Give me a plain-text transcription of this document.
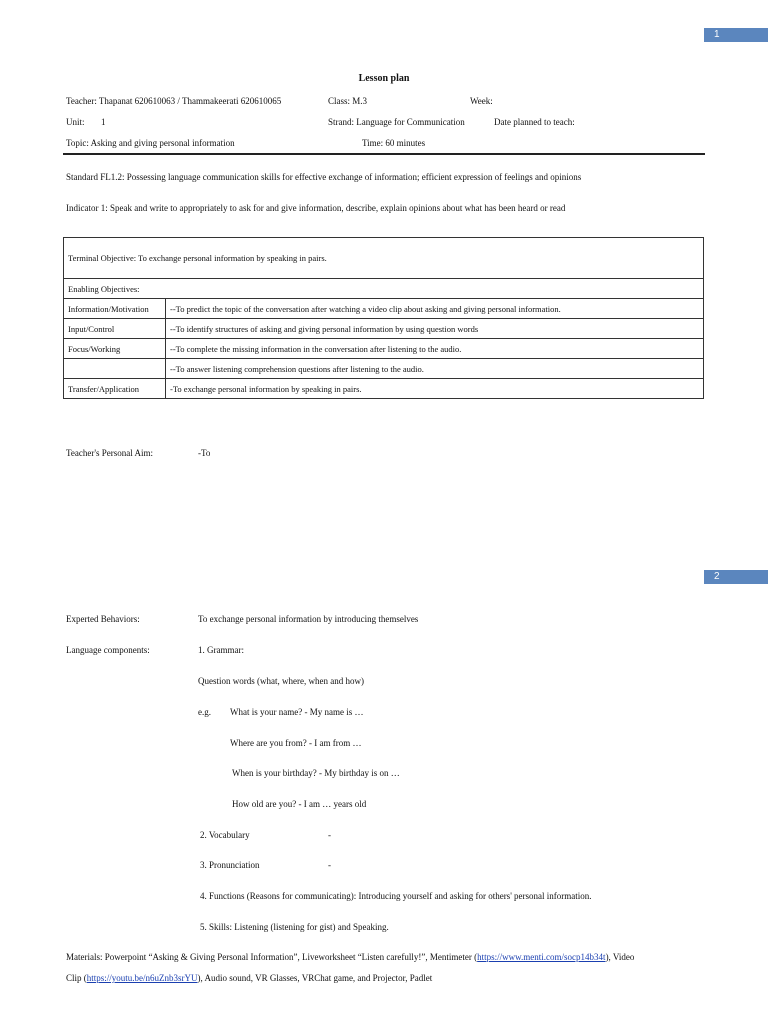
1
2
Lesson plan
Teacher: Thapanat 620610063 / Thammakeerati 620610065	Class: M.3	Week:
Unit: 1	Strand: Language for Communication	Date planned to teach:
Topic: Asking and giving personal information	Time: 60 minutes
Standard FL1.2: Possessing language communication skills for effective exchange of information; efficient expression of feelings and opinions
Indicator 1: Speak and write to appropriately to ask for and give information, describe, explain opinions about what has been heard or read
Terminal Objective: To exchange personal information by speaking in pairs.	
Enabling Objectives:	
Information/Motivation	--To predict the topic of the conversation after watching a video clip about asking and giving personal information.
Input/Control	--To identify structures of asking and giving personal information by using question words
Focus/Working	--To complete the missing information in the conversation after listening to the audio.
	--To answer listening comprehension questions after listening to the audio.
Transfer/Application	-To exchange personal information by speaking in pairs.
Teacher's Personal Aim:	-To
Experted Behaviors:	To exchange personal information by introducing themselves
Language components:	1. Grammar:
Question words (what, where, when and how)
e.g. What is your name? - My name is …
Where are you from? - I am from …
When is your birthday? - My birthday is on …
How old are you? - I am … years old
2. Vocabulary	-
3. Pronunciation	-
4. Functions (Reasons for communicating): Introducing yourself and asking for others' personal information.
5. Skills: Listening (listening for gist) and Speaking.
Materials: Powerpoint “Asking & Giving Personal Information”, Liveworksheet “Listen carefully!”, Mentimeter (https://www.menti.com/socp14b34t), Video
Clip (https://youtu.be/n6uZnb3srYU), Audio sound, VR Glasses, VRChat game, and Projector, Padlet
